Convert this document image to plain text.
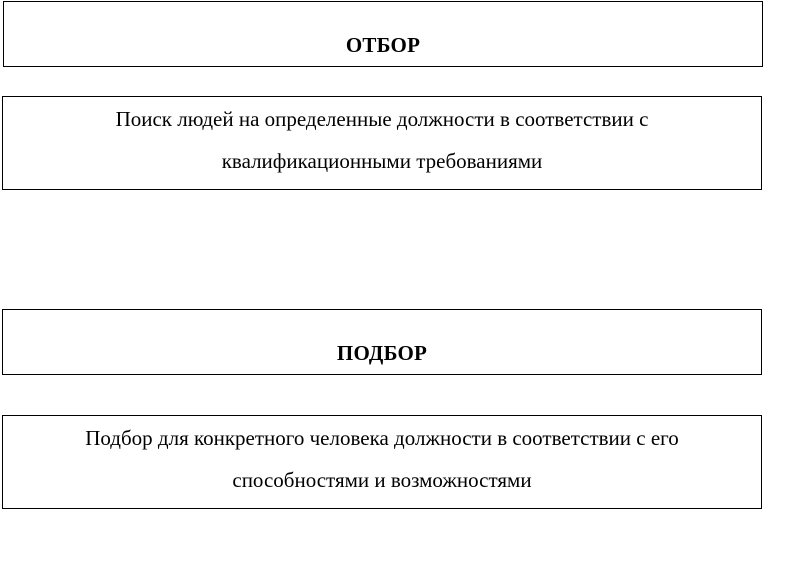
ОТБОР
Поиск людей на определенные должности в соответствии с
квалификационными требованиями
ПОДБОР
Подбор для конкретного человека должности в соответствии с его
способностями и возможностями
